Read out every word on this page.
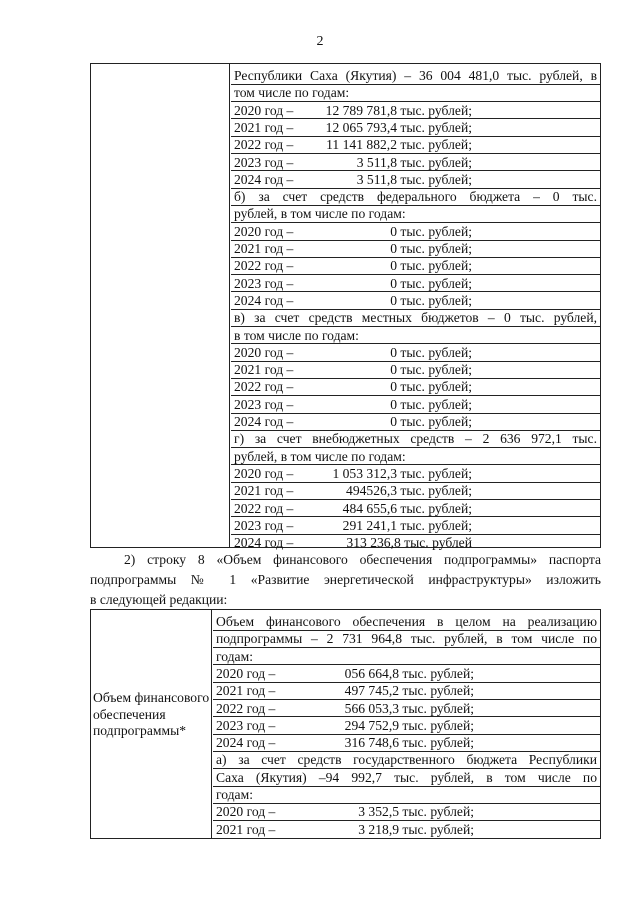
2
Республики Саха (Якутия) – 36 004 481,0 тыс. рублей, в
том числе по годам:
2020 год – 12 789 781,8 тыс. рублей;
2021 год – 12 065 793,4 тыс. рублей;
2022 год – 11 141 882,2 тыс. рублей;
2023 год –	3 511,8 тыс. рублей;
2024 год –	3 511,8 тыс. рублей;
б) за счет средств федерального бюджета – 0 тыс.
рублей, в том числе по годам:
2020 год –	0 тыс. рублей;
2021 год –	0 тыс. рублей;
2022 год –	0 тыс. рублей;
2023 год –	0 тыс. рублей;
2024 год –	0 тыс. рублей;
в) за счет средств местных бюджетов – 0 тыс. рублей,
в том числе по годам:
2020 год –	0 тыс. рублей;
2021 год –	0 тыс. рублей;
2022 год –	0 тыс. рублей;
2023 год –	0 тыс. рублей;
2024 год –	0 тыс. рублей;
г) за счет внебюджетных средств – 2 636 972,1 тыс.
рублей, в том числе по годам:
2020 год –	1 053 312,3 тыс. рублей;
2021 год –	494526,3 тыс. рублей;
2022 год –	484 655,6 тыс. рублей;
2023 год –	291 241,1 тыс. рублей;
2024 год –	313 236,8 тыс. рублей
2) строку 8 «Объем финансового обеспечения подпрограммы» паспорта
подпрограммы № 1 «Развитие энергетической инфраструктуры» изложить
в следующей редакции:
Объем финансового обеспечения подпрограммы*
Объем финансового обеспечения в целом на реализацию
подпрограммы – 2 731 964,8 тыс. рублей, в том числе по
годам:
2020 год –	056 664,8 тыс. рублей;
2021 год –	497 745,2 тыс. рублей;
2022 год –	566 053,3 тыс. рублей;
2023 год –	294 752,9 тыс. рублей;
2024 год –	316 748,6 тыс. рублей;
а) за счет средств государственного бюджета Республики
Саха (Якутия) –94 992,7 тыс. рублей, в том числе по
годам:
2020 год –	3 352,5 тыс. рублей;
2021 год –	3 218,9 тыс. рублей;
